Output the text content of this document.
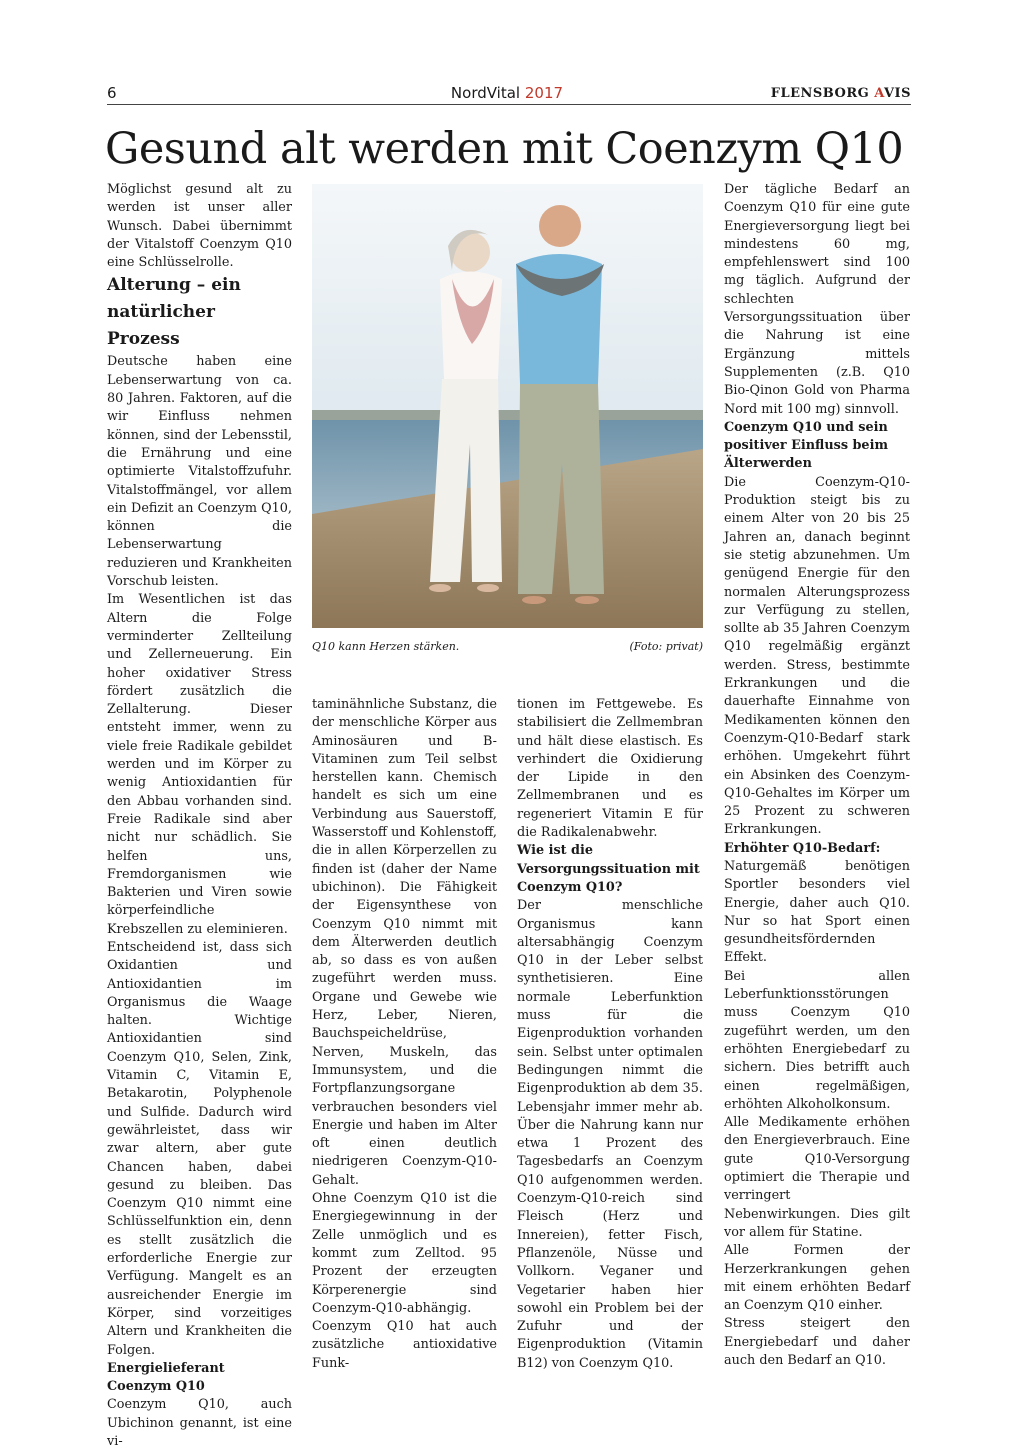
6	NordVital 2017	FLENSBORG AVIS
Gesund alt werden mit Coenzym Q10

Möglichst gesund alt zu werden ist unser aller Wunsch. Dabei übernimmt der Vitalstoff Coenzym Q10 eine Schlüsselrolle.

Alterung – ein natürlicher Prozess

Deutsche haben eine Lebenserwartung von ca. 80 Jahren. Faktoren, auf die wir Einfluss nehmen können, sind der Lebensstil, die Ernährung und eine optimierte Vitalstoffzufuhr. Vitalstoffmängel, vor allem ein Defizit an Coenzym Q10, können die Lebenserwartung reduzieren und Krankheiten Vorschub leisten.

Im Wesentlichen ist das Altern die Folge verminderter Zellteilung und Zellerneuerung. Ein hoher oxidativer Stress fördert zusätzlich die Zellalterung. Dieser entsteht immer, wenn zu viele freie Radikale gebildet werden und im Körper zu wenig Antioxidantien für den Abbau vorhanden sind. Freie Radikale sind aber nicht nur schädlich. Sie helfen uns, Fremdorganismen wie Bakterien und Viren sowie körperfeindliche Krebszellen zu eleminieren.

Entscheidend ist, dass sich Oxidantien und Antioxidantien im Organismus die Waage halten. Wichtige Antioxidantien sind Coenzym Q10, Selen, Zink, Vitamin C, Vitamin E, Betakarotin, Polyphenole und Sulfide. Dadurch wird gewährleistet, dass wir zwar altern, aber gute Chancen haben, dabei gesund zu bleiben. Das Coenzym Q10 nimmt eine Schlüsselfunktion ein, denn es stellt zusätzlich die erforderliche Energie zur Verfügung. Mangelt es an ausreichender Energie im Körper, sind vorzeitiges Altern und Krankheiten die Folgen.

Energielieferant Coenzym Q10

Coenzym Q10, auch Ubichinon genannt, ist eine vi-

Q10 kann Herzen stärken.	(Foto: privat)

taminähnliche Substanz, die der menschliche Körper aus Aminosäuren und B-Vitaminen zum Teil selbst herstellen kann. Chemisch handelt es sich um eine Verbindung aus Sauerstoff, Wasserstoff und Kohlenstoff, die in allen Körperzellen zu finden ist (daher der Name ubichinon). Die Fähigkeit der Eigensynthese von Coenzym Q10 nimmt mit dem Älterwerden deutlich ab, so dass es von außen zugeführt werden muss. Organe und Gewebe wie Herz, Leber, Nieren, Bauchspeicheldrüse, Nerven, Muskeln, das Immunsystem, und die Fortpflanzungsorgane verbrauchen besonders viel Energie und haben im Alter oft einen deutlich niedrigeren Coenzym-Q10-Gehalt.

Ohne Coenzym Q10 ist die Energiegewinnung in der Zelle unmöglich und es kommt zum Zelltod. 95 Prozent der erzeugten Körperenergie sind Coenzym-Q10-abhängig. Coenzym Q10 hat auch zusätzliche antioxidative Funk-

tionen im Fettgewebe. Es stabilisiert die Zellmembran und hält diese elastisch. Es verhindert die Oxidierung der Lipide in den Zellmembranen und es regeneriert Vitamin E für die Radikalenabwehr.

Wie ist die Versorgungssituation mit Coenzym Q10?

Der menschliche Organismus kann altersabhängig Coenzym Q10 in der Leber selbst synthetisieren. Eine normale Leberfunktion muss für die Eigenproduktion vorhanden sein. Selbst unter optimalen Bedingungen nimmt die Eigenproduktion ab dem 35. Lebensjahr immer mehr ab. Über die Nahrung kann nur etwa 1 Prozent des Tagesbedarfs an Coenzym Q10 aufgenommen werden. Coenzym-Q10-reich sind Fleisch (Herz und Innereien), fetter Fisch, Pflanzenöle, Nüsse und Vollkorn. Veganer und Vegetarier haben hier sowohl ein Problem bei der Zufuhr und der Eigenproduktion (Vitamin B12) von Coenzym Q10.

Der tägliche Bedarf an Coenzym Q10 für eine gute Energieversorgung liegt bei mindestens 60 mg, empfehlenswert sind 100 mg täglich. Aufgrund der schlechten Versorgungssituation über die Nahrung ist eine Ergänzung mittels Supplementen (z.B. Q10 Bio-Qinon Gold von Pharma Nord mit 100 mg) sinnvoll.

Coenzym Q10 und sein positiver Einfluss beim Älterwerden

Die Coenzym-Q10-Produktion steigt bis zu einem Alter von 20 bis 25 Jahren an, danach beginnt sie stetig abzunehmen. Um genügend Energie für den normalen Alterungsprozess zur Verfügung zu stellen, sollte ab 35 Jahren Coenzym Q10 regelmäßig ergänzt werden. Stress, bestimmte Erkrankungen und die dauerhafte Einnahme von Medikamenten können den Coenzym-Q10-Bedarf stark erhöhen. Umgekehrt führt ein Absinken des Coenzym-Q10-Gehaltes im Körper um 25 Prozent zu schweren Erkrankungen.

Erhöhter Q10-Bedarf:

Naturgemäß benötigen Sportler besonders viel Energie, daher auch Q10. Nur so hat Sport einen gesundheitsfördernden Effekt.

Bei allen Leberfunktionsstörungen muss Coenzym Q10 zugeführt werden, um den erhöhten Energiebedarf zu sichern. Dies betrifft auch einen regelmäßigen, erhöhten Alkoholkonsum.

Alle Medikamente erhöhen den Energieverbrauch. Eine gute Q10-Versorgung optimiert die Therapie und verringert Nebenwirkungen. Dies gilt vor allem für Statine.

Alle Formen der Herzerkrankungen gehen mit einem erhöhten Bedarf an Coenzym Q10 einher.

Stress steigert den Energiebedarf und daher auch den Bedarf an Q10.
